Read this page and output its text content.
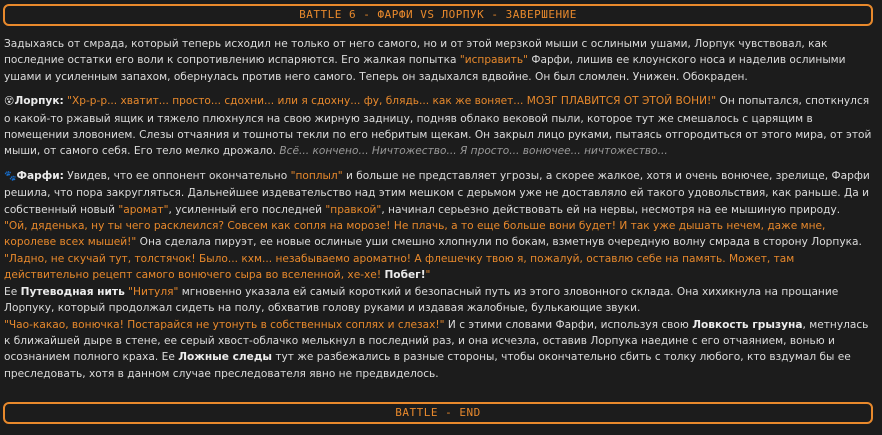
BATTLE 6 - ФАРФИ VS ЛОРПУК - ЗАВЕРШЕНИЕ

Задыхаясь от смрада, который теперь исходил не только от него самого, но и от этой мерзкой мыши с ослиными ушами, Лорпук чувствовал, как последние остатки его воли к сопротивлению испаряются. Его жалкая попытка "исправить" Фарфи, лишив ее клоунского носа и наделив ослиными ушами и усиленным запахом, обернулась против него самого. Теперь он задыхался вдвойне. Он был сломлен. Унижен. Обокраден.

😵Лорпук: "Хр-р-р... хватит... просто... сдохни... или я сдохну... фу, блядь... как же воняет... МОЗГ ПЛАВИТСЯ ОТ ЭТОЙ ВОНИ!" Он попытался, споткнулся о какой-то ржавый ящик и тяжело плюхнулся на свою жирную задницу, подняв облако вековой пыли, которое тут же смешалось с царящим в помещении зловонием. Слезы отчаяния и тошноты текли по его небритым щекам. Он закрыл лицо руками, пытаясь отгородиться от этого мира, от этой мыши, от самого себя. Его тело мелко дрожало. Всё... кончено... Ничтожество... Я просто... вонючее... ничтожество...

🐾Фарфи: Увидев, что ее оппонент окончательно "поплыл" и больше не представляет угрозы, а скорее жалкое, хотя и очень вонючее, зрелище, Фарфи решила, что пора закругляться. Дальнейшее издевательство над этим мешком с дерьмом уже не доставляло ей такого удовольствия, как раньше. Да и собственный новый "аромат", усиленный его последней "правкой", начинал серьезно действовать ей на нервы, несмотря на ее мышиную природу.
"Ой, дяденька, ну ты чего расклеился? Совсем как сопля на морозе! Не плачь, а то еще больше вони будет! И так уже дышать нечем, даже мне, королеве всех мышей!" Она сделала пируэт, ее новые ослиные уши смешно хлопнули по бокам, взметнув очередную волну смрада в сторону Лорпука.
"Ладно, не скучай тут, толстячок! Было... кхм... незабываемо ароматно! А флешечку твою я, пожалуй, оставлю себе на память. Может, там действительно рецепт самого вонючего сыра во вселенной, хе-хе! Побег!"
Ее Путеводная нить "Нитуля" мгновенно указала ей самый короткий и безопасный путь из этого зловонного склада. Она хихикнула на прощание Лорпуку, который продолжал сидеть на полу, обхватив голову руками и издавая жалобные, булькающие звуки.
"Чао-какао, вонючка! Постарайся не утонуть в собственных соплях и слезах!" И с этими словами Фарфи, используя свою Ловкость грызуна, метнулась к ближайшей дыре в стене, ее серый хвост-облачко мелькнул в последний раз, и она исчезла, оставив Лорпука наедине с его отчаянием, вонью и осознанием полного краха. Ее Ложные следы тут же разбежались в разные стороны, чтобы окончательно сбить с толку любого, кто вздумал бы ее преследовать, хотя в данном случае преследователя явно не предвиделось.

BATTLE - END
